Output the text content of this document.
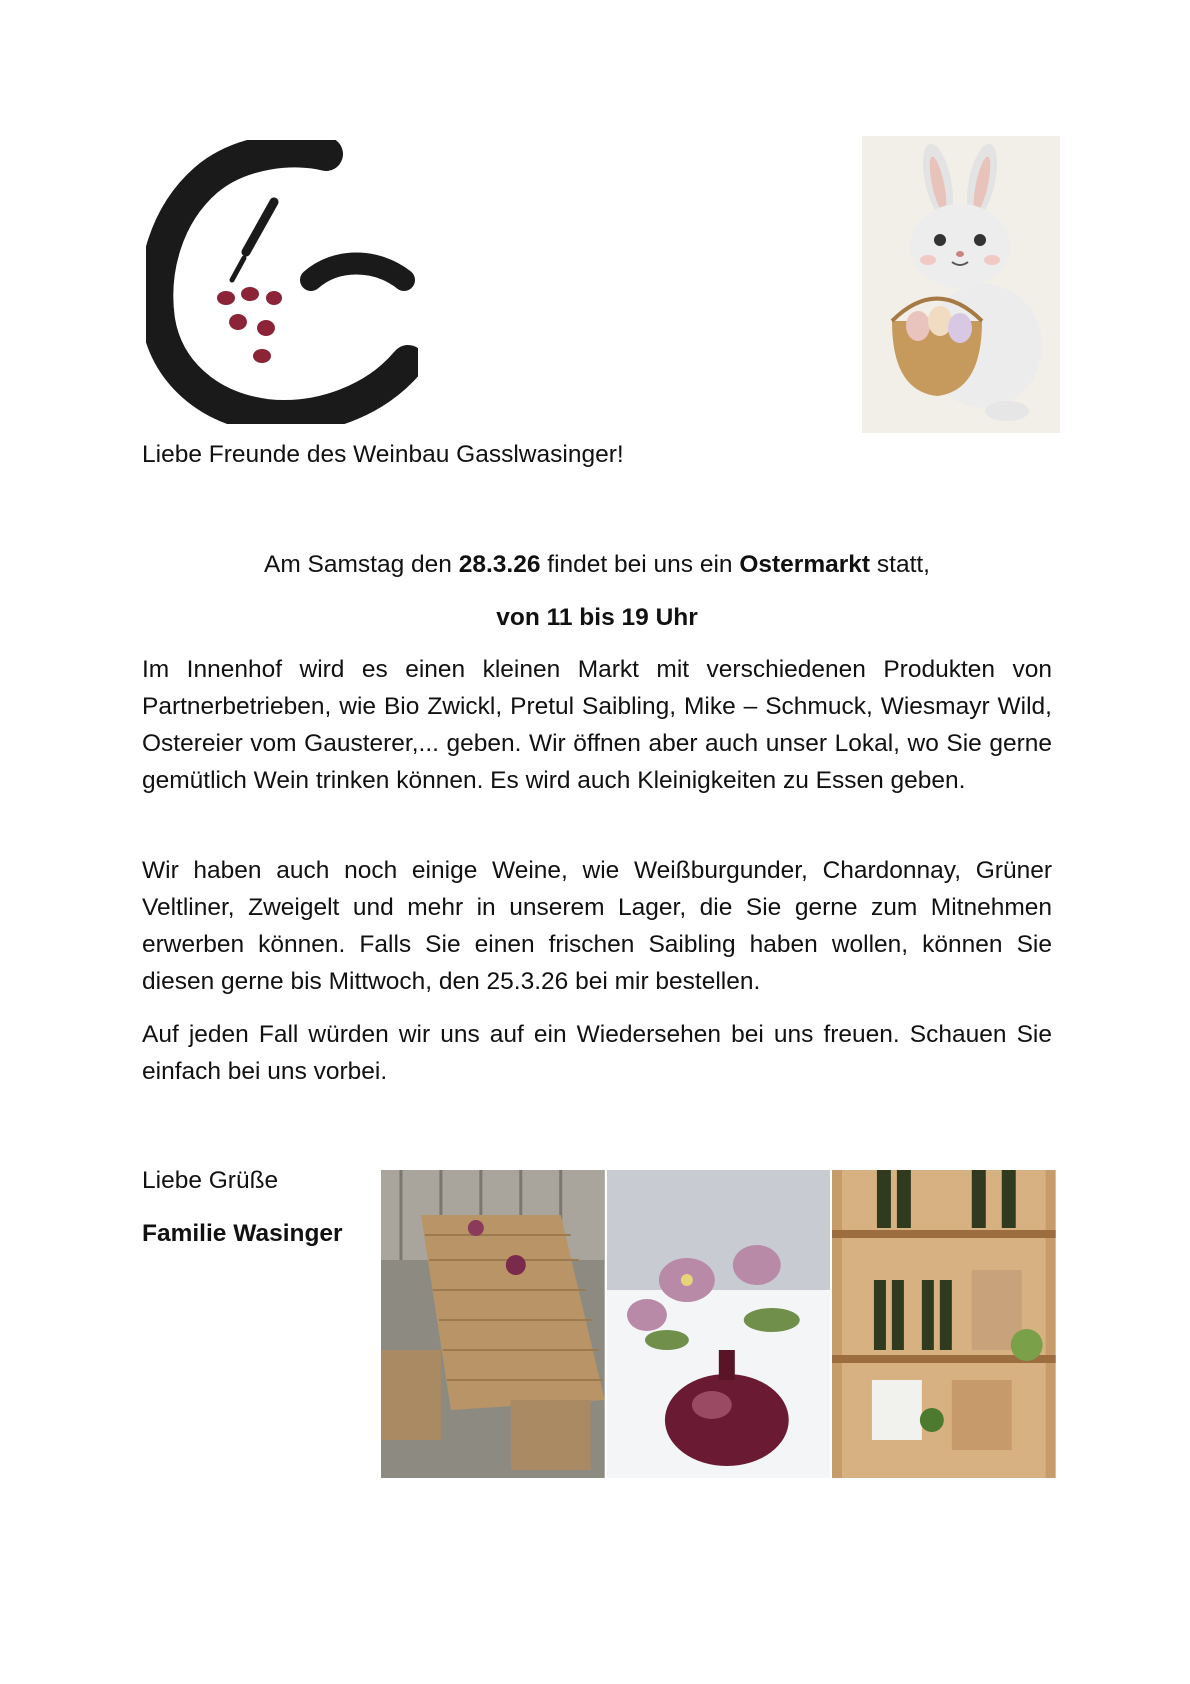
Liebe Freunde des Weinbau Gasslwasinger!

Am Samstag den 28.3.26 findet bei uns ein Ostermarkt statt,

von 11 bis 19 Uhr

Im Innenhof wird es einen kleinen Markt mit verschiedenen Produkten von Partnerbetrieben, wie Bio Zwickl, Pretul Saibling, Mike – Schmuck, Wiesmayr Wild, Ostereier vom Gausterer,... geben. Wir öffnen aber auch unser Lokal, wo Sie gerne gemütlich Wein trinken können. Es wird auch Kleinigkeiten zu Essen geben.

Wir haben auch noch einige Weine, wie Weißburgunder, Chardonnay, Grüner Veltliner, Zweigelt und mehr in unserem Lager, die Sie gerne zum Mitnehmen erwerben können. Falls Sie einen frischen Saibling haben wollen, können Sie diesen gerne bis Mittwoch, den 25.3.26 bei mir bestellen.

Auf jeden Fall würden wir uns auf ein Wiedersehen bei uns freuen. Schauen Sie einfach bei uns vorbei.

Liebe Grüße

Familie Wasinger
